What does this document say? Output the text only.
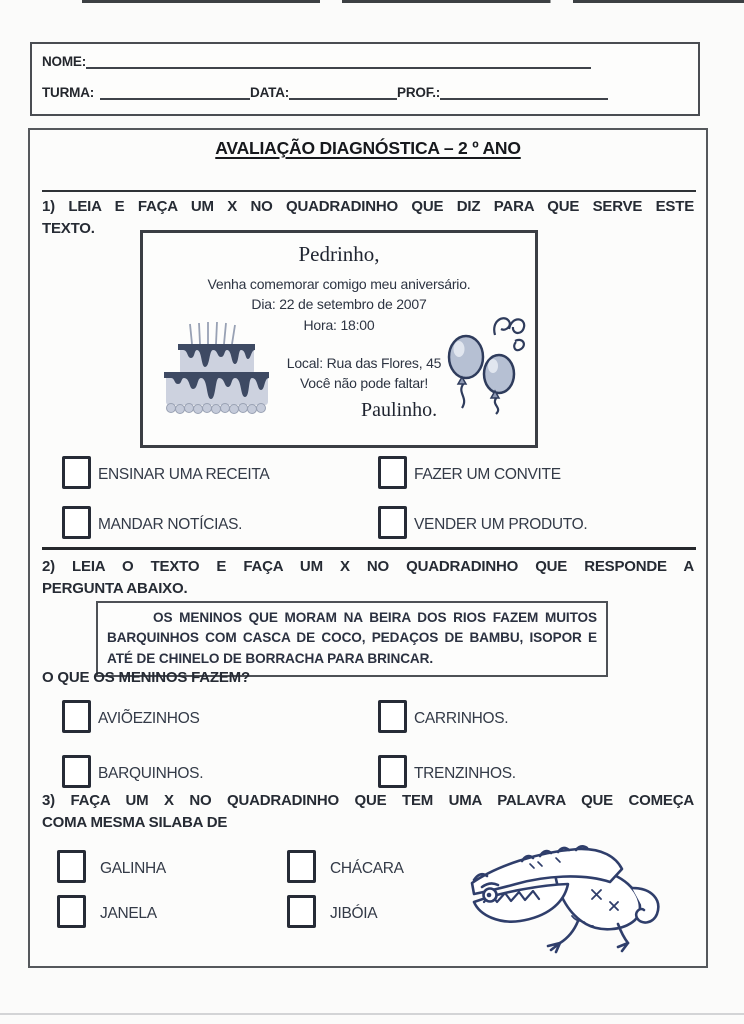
NOME:
TURMA:	DATA:	PROF.:
AVALIAÇÃO DIAGNÓSTICA – 2 º ANO
1) LEIA E FAÇA UM X NO QUADRADINHO QUE DIZ PARA QUE SERVE ESTE
TEXTO.
Pedrinho,
Venha comemorar comigo meu aniversário.
Dia: 22 de setembro de 2007
Hora: 18:00
Local: Rua das Flores, 45
Você não pode faltar!
Paulinho.
ENSINAR UMA RECEITA	FAZER UM CONVITE
MANDAR NOTÍCIAS.	VENDER UM PRODUTO.
2) LEIA O TEXTO E FAÇA UM X NO QUADRADINHO QUE RESPONDE A
PERGUNTA ABAIXO.
OS MENINOS QUE MORAM NA BEIRA DOS RIOS FAZEM MUITOS
BARQUINHOS COM CASCA DE COCO, PEDAÇOS DE BAMBU, ISOPOR E
ATÉ DE CHINELO DE BORRACHA PARA BRINCAR.
O QUE OS MENINOS FAZEM?
AVIÕEZINHOS	CARRINHOS.
BARQUINHOS.	TRENZINHOS.
3) FAÇA UM X NO QUADRADINHO QUE TEM UMA PALAVRA QUE COMEÇA
COMA MESMA SILABA DE
GALINHA	CHÁCARA
JANELA	JIBÓIA
